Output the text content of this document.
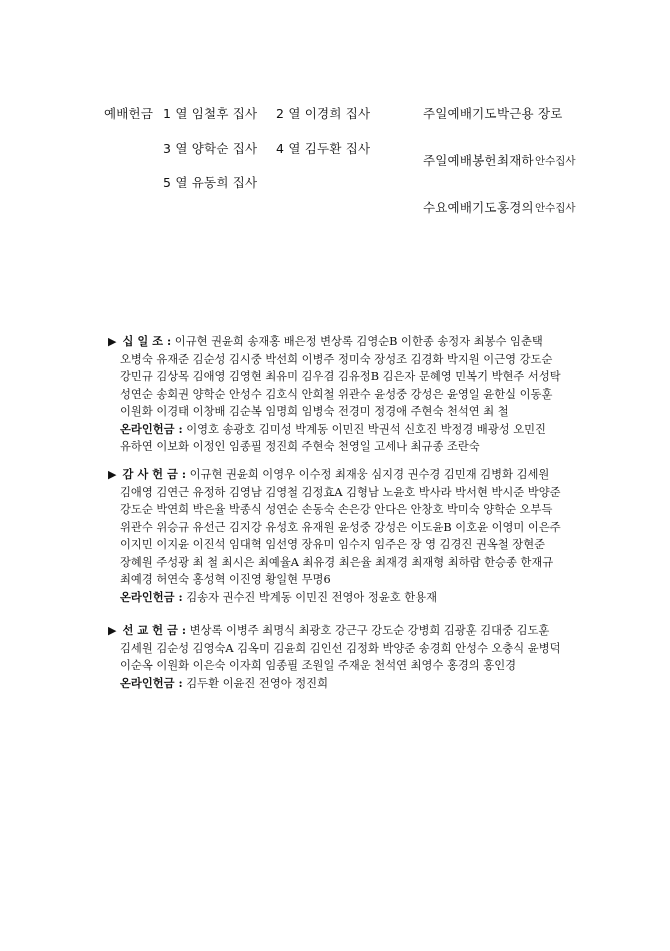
예배헌금 1 열 임철후 집사 2 열 이경희 집사
3 열 양학순 집사 4 열 김두환 집사
5 열 유동희 집사
주일예배기도 박근용 장로
주일예배봉헌 최재하 안수집사
수요예배기도 홍경의 안수집사
▶ 십 일 조 : 이규현 권윤희 송재홍 배은정 변상록 김영순B 이한종 송정자 최봉수 임춘택
오병숙 유재준 김순성 김시중 박선희 이병주 정미숙 장성조 김경화 박지원 이근영 강도순
강민규 김상목 김애영 김영현 최유미 김우겸 김유정B 김은자 문혜영 민복기 박현주 서성탁
성연순 송회권 양학순 안성수 김호식 안희철 위관수 윤성중 강성은 윤영일 윤한실 이동훈
이원화 이경태 이창배 김순복 임명희 임병숙 전경미 정경애 주현숙 천석연 최 철
온라인헌금 : 이영호 송광호 김미성 박계동 이민진 박권석 신호진 박정경 배광성 오민진
유하연 이보화 이정인 임종필 정진희 주현숙 천영일 고세나 최규종 조란숙
▶ 감 사 헌 금 : 이규현 권윤희 이영우 이수정 최재웅 심지경 권수경 김민재 김병화 김세원
김애영 김연근 유정하 김영남 김영철 김정효A 김형남 노윤호 박사라 박서현 박시준 박양준
강도순 박연희 박은율 박종식 성연순 손동숙 손은강 안다은 안창호 박미숙 양학순 오부득
위관수 위승규 유선근 김지강 유성호 유재원 윤성중 강성은 이도윤B 이호윤 이영미 이은주
이지민 이지윤 이진석 임대혁 임선영 장유미 임수지 임주은 장 영 김경진 권옥철 장현준
장혜원 주성광 최 철 최시은 최예율A 최유경 최은율 최재경 최재형 최하람 한승종 한재규
최예경 허연숙 홍성혁 이진영 황일현 무명6
온라인헌금 : 김송자 권수진 박계동 이민진 전영아 정윤호 한용재
▶ 선 교 헌 금 : 변상록 이병주 최명식 최광호 강근구 강도순 강병희 김광훈 김대중 김도훈
김세원 김순성 김영숙A 김옥미 김윤희 김인선 김정화 박양준 송경희 안성수 오충식 윤병덕
이순옥 이원화 이은숙 이자희 임종필 조원일 주재운 천석연 최영수 홍경의 홍인경
온라인헌금 : 김두환 이윤진 전영아 정진희
